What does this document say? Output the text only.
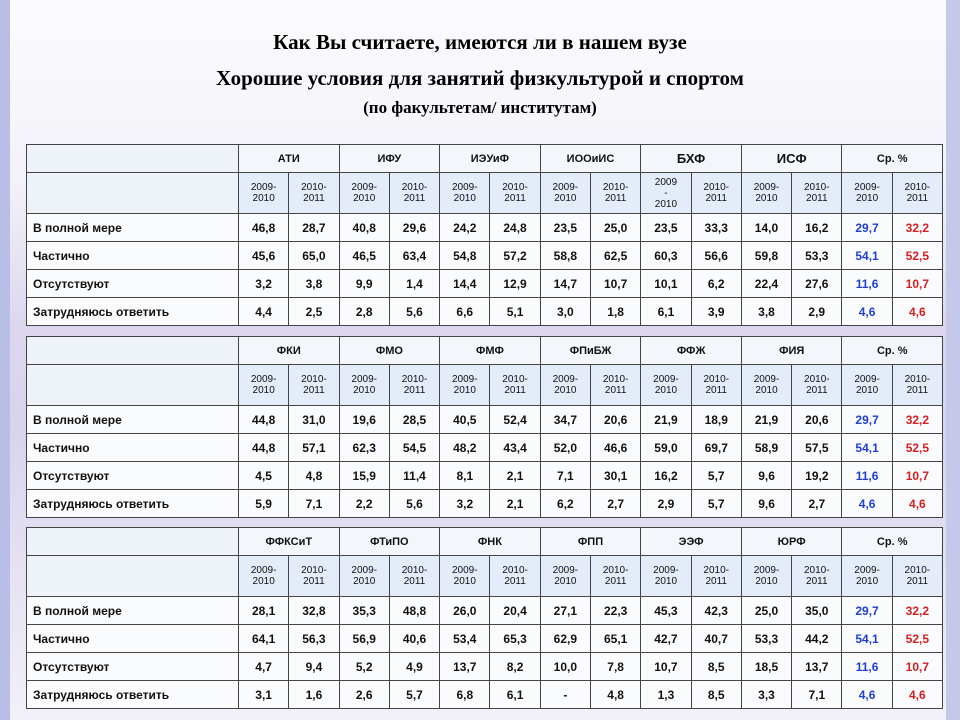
Как Вы считаете, имеются ли в нашем вузе
Хорошие условия для занятий физкультурой и спортом
(по факультетам/ институтам)
	АТИ		ИФУ		ИЭУиФ		ИООиИС		БХФ		ИСФ		Ср. %	
	2009-
2010	2010-
2011	2009-
2010	2010-
2011	2009-
2010	2010-
2011	2009-
2010	2010-
2011	2009
-
2010	2010-
2011	2009-
2010	2010-
2011	2009-
2010	2010-
2011
В полной мере	46,8	28,7	40,8	29,6	24,2	24,8	23,5	25,0	23,5	33,3	14,0	16,2	29,7	32,2
Частично	45,6	65,0	46,5	63,4	54,8	57,2	58,8	62,5	60,3	56,6	59,8	53,3	54,1	52,5
Отсутствуют	3,2	3,8	9,9	1,4	14,4	12,9	14,7	10,7	10,1	6,2	22,4	27,6	11,6	10,7
Затрудняюсь ответить	4,4	2,5	2,8	5,6	6,6	5,1	3,0	1,8	6,1	3,9	3,8	2,9	4,6	4,6
	ФКИ		ФМО		ФМФ		ФПиБЖ		ФФЖ		ФИЯ		Ср. %	
	2009-
2010	2010-
2011	2009-
2010	2010-
2011	2009-
2010	2010-
2011	2009-
2010	2010-
2011	2009-
2010	2010-
2011	2009-
2010	2010-
2011	2009-
2010	2010-
2011
В полной мере	44,8	31,0	19,6	28,5	40,5	52,4	34,7	20,6	21,9	18,9	21,9	20,6	29,7	32,2
Частично	44,8	57,1	62,3	54,5	48,2	43,4	52,0	46,6	59,0	69,7	58,9	57,5	54,1	52,5
Отсутствуют	4,5	4,8	15,9	11,4	8,1	2,1	7,1	30,1	16,2	5,7	9,6	19,2	11,6	10,7
Затрудняюсь ответить	5,9	7,1	2,2	5,6	3,2	2,1	6,2	2,7	2,9	5,7	9,6	2,7	4,6	4,6
	ФФКСиТ		ФТиПО		ФНК		ФПП		ЭЭФ		ЮРФ		Ср. %	
	2009-
2010	2010-
2011	2009-
2010	2010-
2011	2009-
2010	2010-
2011	2009-
2010	2010-
2011	2009-
2010	2010-
2011	2009-
2010	2010-
2011	2009-
2010	2010-
2011
В полной мере	28,1	32,8	35,3	48,8	26,0	20,4	27,1	22,3	45,3	42,3	25,0	35,0	29,7	32,2
Частично	64,1	56,3	56,9	40,6	53,4	65,3	62,9	65,1	42,7	40,7	53,3	44,2	54,1	52,5
Отсутствуют	4,7	9,4	5,2	4,9	13,7	8,2	10,0	7,8	10,7	8,5	18,5	13,7	11,6	10,7
Затрудняюсь ответить	3,1	1,6	2,6	5,7	6,8	6,1	-	4,8	1,3	8,5	3,3	7,1	4,6	4,6
